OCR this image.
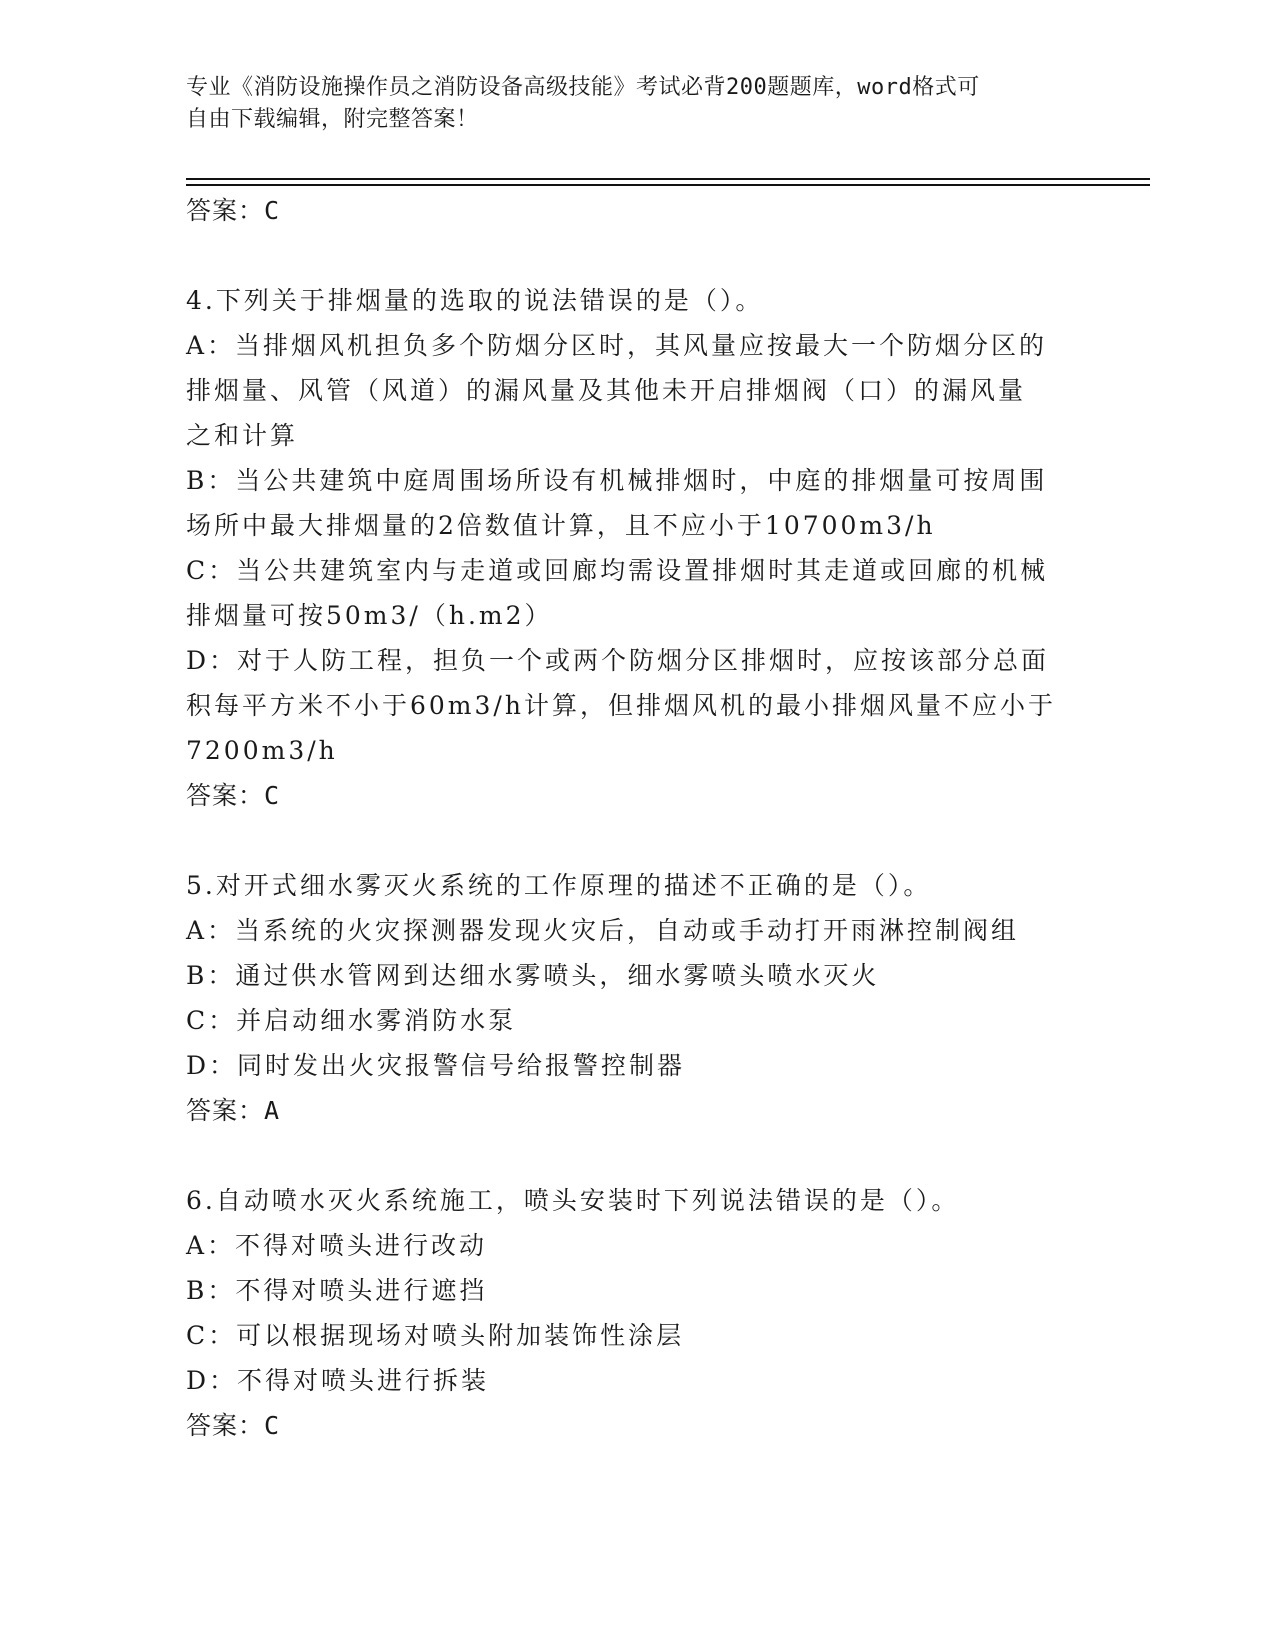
专业《消防设施操作员之消防设备高级技能》考试必背200题题库，word格式可
自由下载编辑，附完整答案！
答案：C
4.下列关于排烟量的选取的说法错误的是（）。
A：当排烟风机担负多个防烟分区时，其风量应按最大一个防烟分区的
排烟量、风管（风道）的漏风量及其他未开启排烟阀（口）的漏风量
之和计算
B：当公共建筑中庭周围场所设有机械排烟时，中庭的排烟量可按周围
场所中最大排烟量的2倍数值计算，且不应小于10700m3/h
C：当公共建筑室内与走道或回廊均需设置排烟时其走道或回廊的机械
排烟量可按50m3/（h.m2）
D：对于人防工程，担负一个或两个防烟分区排烟时，应按该部分总面
积每平方米不小于60m3/h计算，但排烟风机的最小排烟风量不应小于
7200m3/h
答案：C
5.对开式细水雾灭火系统的工作原理的描述不正确的是（）。
A：当系统的火灾探测器发现火灾后，自动或手动打开雨淋控制阀组
B：通过供水管网到达细水雾喷头，细水雾喷头喷水灭火
C：并启动细水雾消防水泵
D：同时发出火灾报警信号给报警控制器
答案：A
6.自动喷水灭火系统施工，喷头安装时下列说法错误的是（）。
A：不得对喷头进行改动
B：不得对喷头进行遮挡
C：可以根据现场对喷头附加装饰性涂层
D：不得对喷头进行拆装
答案：C
